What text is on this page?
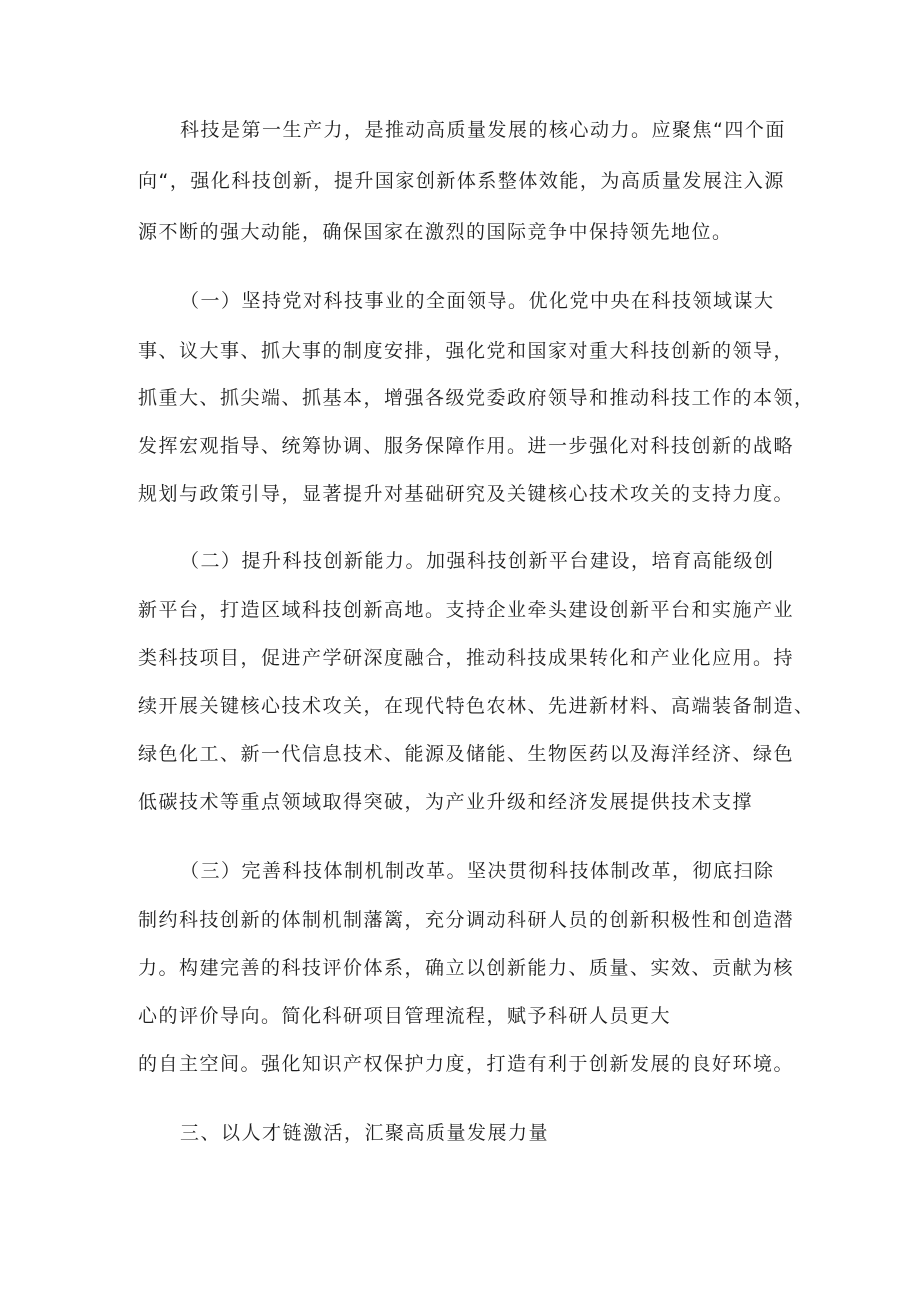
科技是第一生产力，是推动高质量发展的核心动力。应聚焦“四个面
向“，强化科技创新，提升国家创新体系整体效能，为高质量发展注入源
源不断的强大动能，确保国家在激烈的国际竞争中保持领先地位。
（一）坚持党对科技事业的全面领导。优化党中央在科技领域谋大
事、议大事、抓大事的制度安排，强化党和国家对重大科技创新的领导，
抓重大、抓尖端、抓基本，增强各级党委政府领导和推动科技工作的本领，
发挥宏观指导、统筹协调、服务保障作用。进一步强化对科技创新的战略
规划与政策引导，显著提升对基础研究及关键核心技术攻关的支持力度。
（二）提升科技创新能力。加强科技创新平台建设，培育高能级创
新平台，打造区域科技创新高地。支持企业牵头建设创新平台和实施产业
类科技项目，促进产学研深度融合，推动科技成果转化和产业化应用。持
续开展关键核心技术攻关，在现代特色农林、先进新材料、高端装备制造、
绿色化工、新一代信息技术、能源及储能、生物医药以及海洋经济、绿色
低碳技术等重点领域取得突破，为产业升级和经济发展提供技术支撑
（三）完善科技体制机制改革。坚决贯彻科技体制改革，彻底扫除
制约科技创新的体制机制藩篱，充分调动科研人员的创新积极性和创造潜
力。构建完善的科技评价体系，确立以创新能力、质量、实效、贡献为核
心的评价导向。简化科研项目管理流程，赋予科研人员更大
的自主空间。强化知识产权保护力度，打造有利于创新发展的良好环境。
三、以人才链激活，汇聚高质量发展力量
